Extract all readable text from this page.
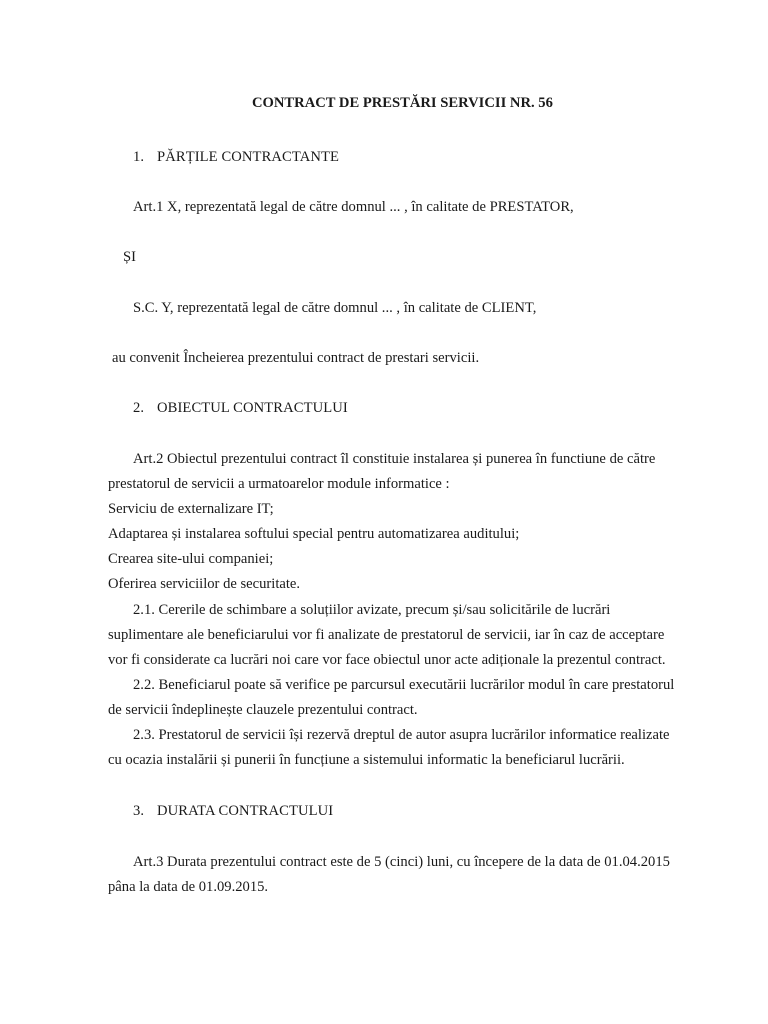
CONTRACT DE PRESTĂRI SERVICII NR. 56
1. PĂRȚILE CONTRACTANTE
Art.1 X, reprezentată legal de către domnul ... , în calitate de PRESTATOR,
ȘI
S.C. Y, reprezentată legal de către domnul ... , în calitate de CLIENT,
au convenit Încheierea prezentului contract de prestari servicii.
2. OBIECTUL CONTRACTULUI
Art.2 Obiectul prezentului contract îl constituie instalarea și punerea în functiune de către
prestatorul de servicii a urmatoarelor module informatice :
Serviciu de externalizare IT;
Adaptarea și instalarea softului special pentru automatizarea auditului;
Crearea site-ului companiei;
Oferirea serviciilor de securitate.
2.1. Cererile de schimbare a soluțiilor avizate, precum și/sau solicitările de lucrări
suplimentare ale beneficiarului vor fi analizate de prestatorul de servicii, iar în caz de acceptare
vor fi considerate ca lucrări noi care vor face obiectul unor acte adiționale la prezentul contract.
2.2. Beneficiarul poate să verifice pe parcursul executării lucrărilor modul în care prestatorul
de servicii îndeplinește clauzele prezentului contract.
2.3. Prestatorul de servicii își rezervă dreptul de autor asupra lucrărilor informatice realizate
cu ocazia instalării și punerii în funcțiune a sistemului informatic la beneficiarul lucrării.
3. DURATA CONTRACTULUI
Art.3 Durata prezentului contract este de 5 (cinci) luni, cu începere de la data de 01.04.2015
pâna la data de 01.09.2015.
